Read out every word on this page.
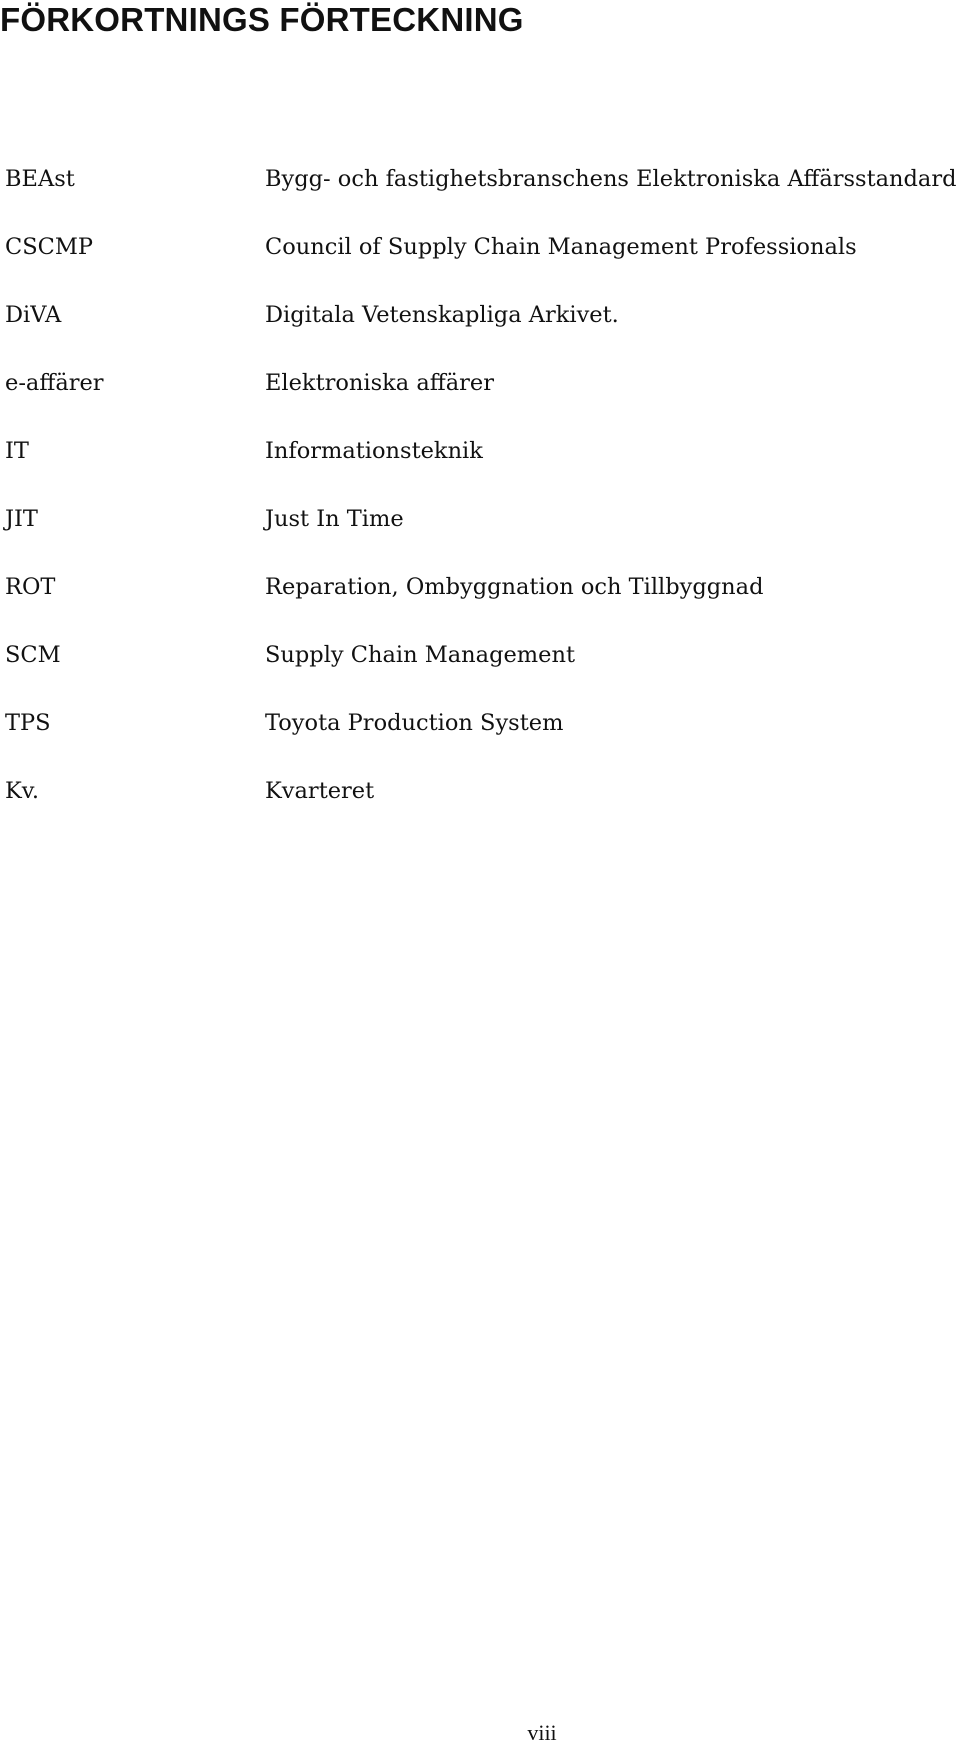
FÖRKORTNINGS FÖRTECKNING
BEAst	Bygg- och fastighetsbranschens Elektroniska Affärsstandard
CSCMP	Council of Supply Chain Management Professionals
DiVA	Digitala Vetenskapliga Arkivet.
e-affärer	Elektroniska affärer
IT	Informationsteknik
JIT	Just In Time
ROT	Reparation, Ombyggnation och Tillbyggnad
SCM	Supply Chain Management
TPS	Toyota Production System
Kv.	Kvarteret
viii
